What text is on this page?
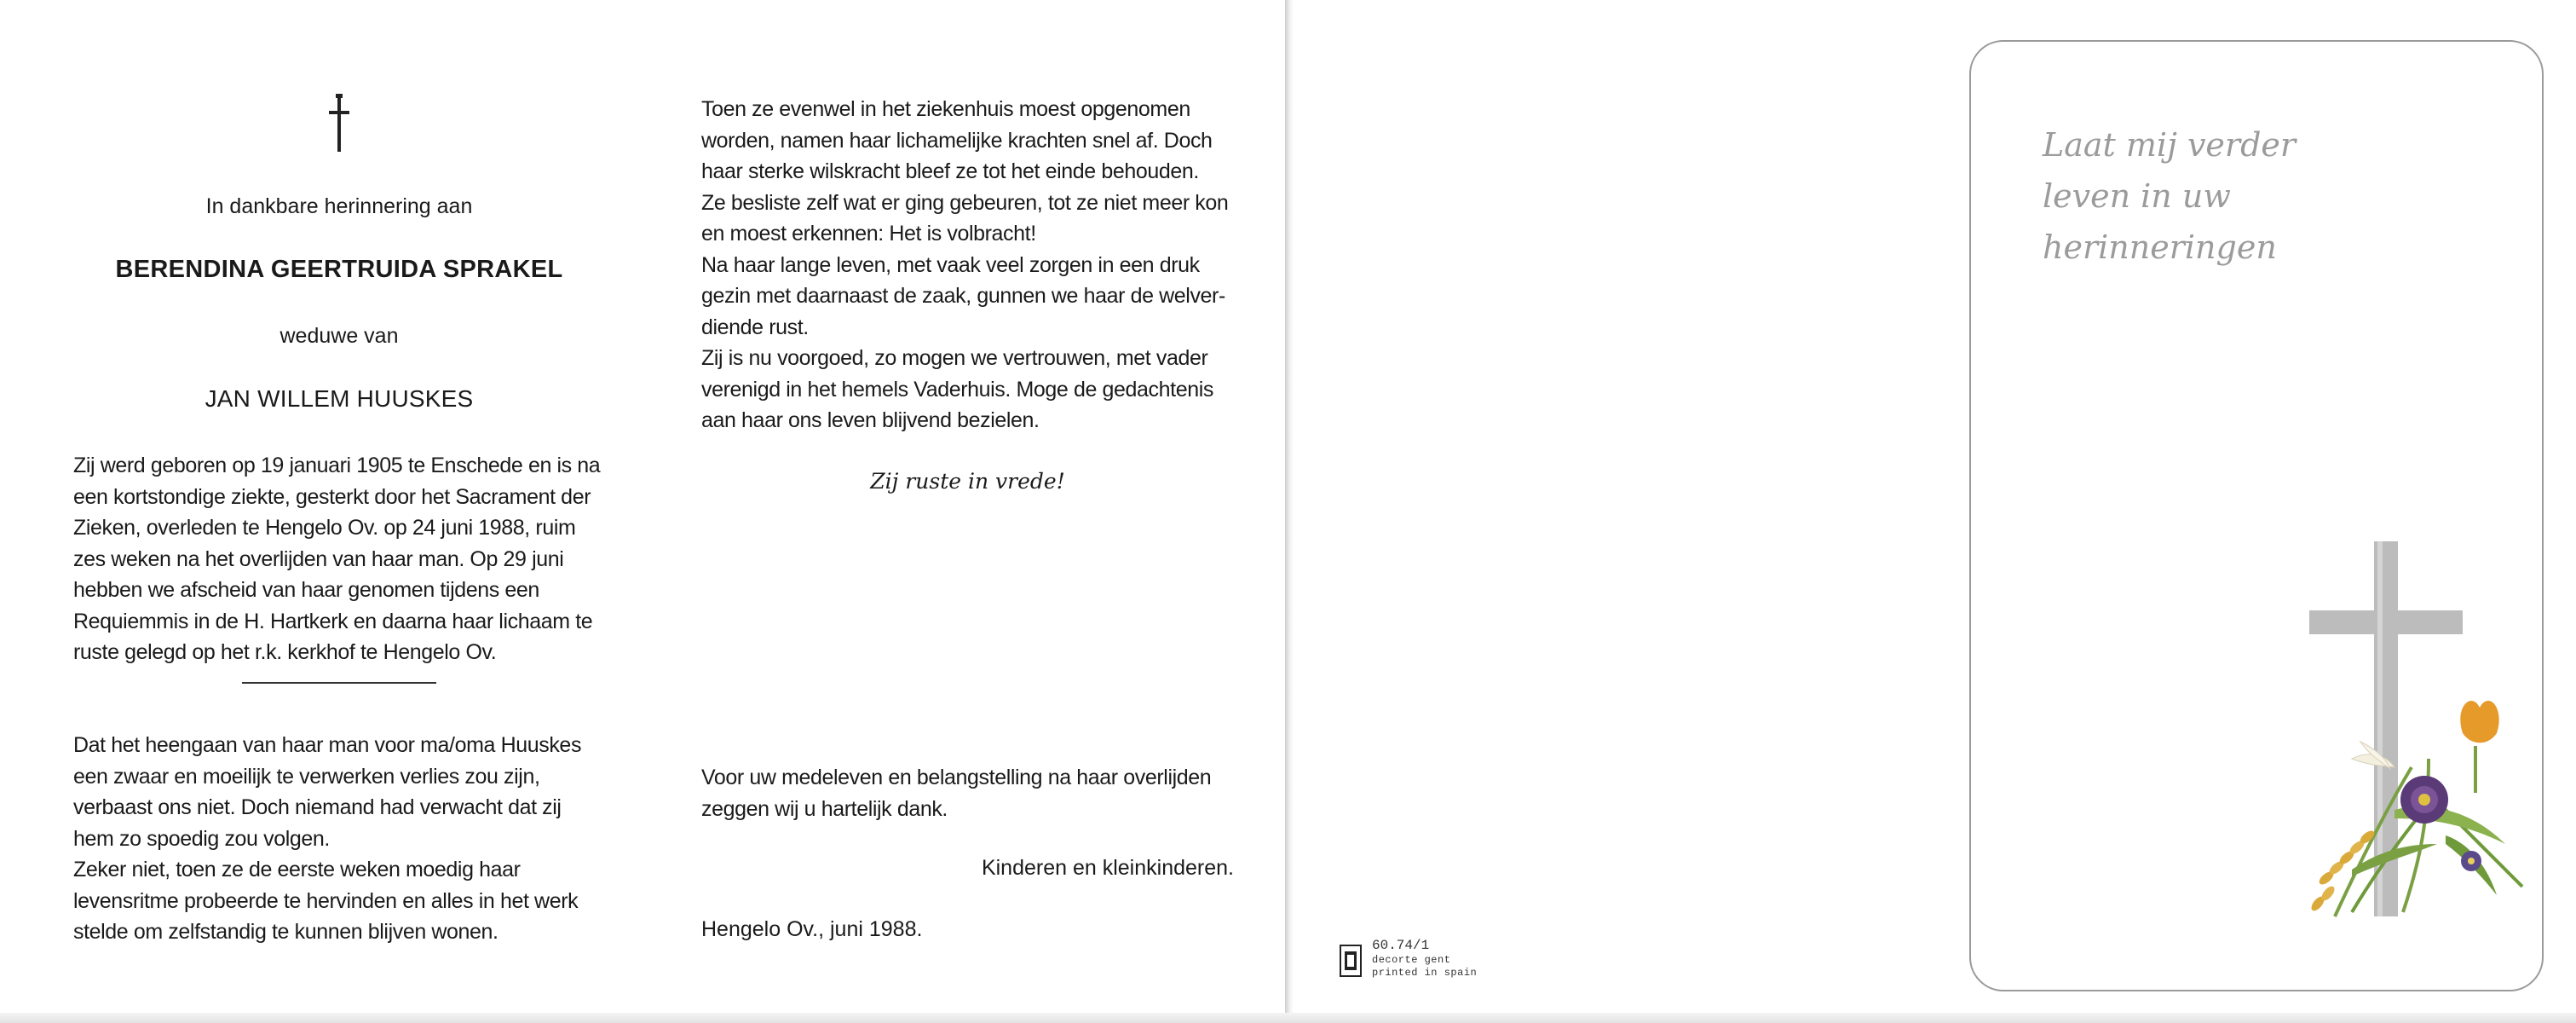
In dankbare herinnering aan
BERENDINA GEERTRUIDA SPRAKEL
weduwe van
JAN WILLEM HUUSKES

Zij werd geboren op 19 januari 1905 te Enschede en is na

een kortstondige ziekte, gesterkt door het Sacrament der

Zieken, overleden te Hengelo Ov. op 24 juni 1988, ruim

zes weken na het overlijden van haar man. Op 29 juni

hebben we afscheid van haar genomen tijdens een

Requiemmis in de H. Hartkerk en daarna haar lichaam te

ruste gelegd op het r.k. kerkhof te Hengelo Ov.

Dat het heengaan van haar man voor ma/oma Huuskes

een zwaar en moeilijk te verwerken verlies zou zijn,

verbaast ons niet. Doch niemand had verwacht dat zij

hem zo spoedig zou volgen.

Zeker niet, toen ze de eerste weken moedig haar

levensritme probeerde te hervinden en alles in het werk

stelde om zelfstandig te kunnen blijven wonen.

Toen ze evenwel in het ziekenhuis moest opgenomen

worden, namen haar lichamelijke krachten snel af. Doch

haar sterke wilskracht bleef ze tot het einde behouden.

Ze besliste zelf wat er ging gebeuren, tot ze niet meer kon

en moest erkennen: Het is volbracht!

Na haar lange leven, met vaak veel zorgen in een druk

gezin met daarnaast de zaak, gunnen we haar de welver-

diende rust.

Zij is nu voorgoed, zo mogen we vertrouwen, met vader

verenigd in het hemels Vaderhuis. Moge de gedachtenis

aan haar ons leven blijvend bezielen.

Zij ruste in vrede!

Voor uw medeleven en belangstelling na haar overlijden

zeggen wij u hartelijk dank.

Kinderen en kleinkinderen.
Hengelo Ov., juni 1988.
Laat mij verder
leven in uw
herinneringen
60.74/1
decorte gent
printed in spain
